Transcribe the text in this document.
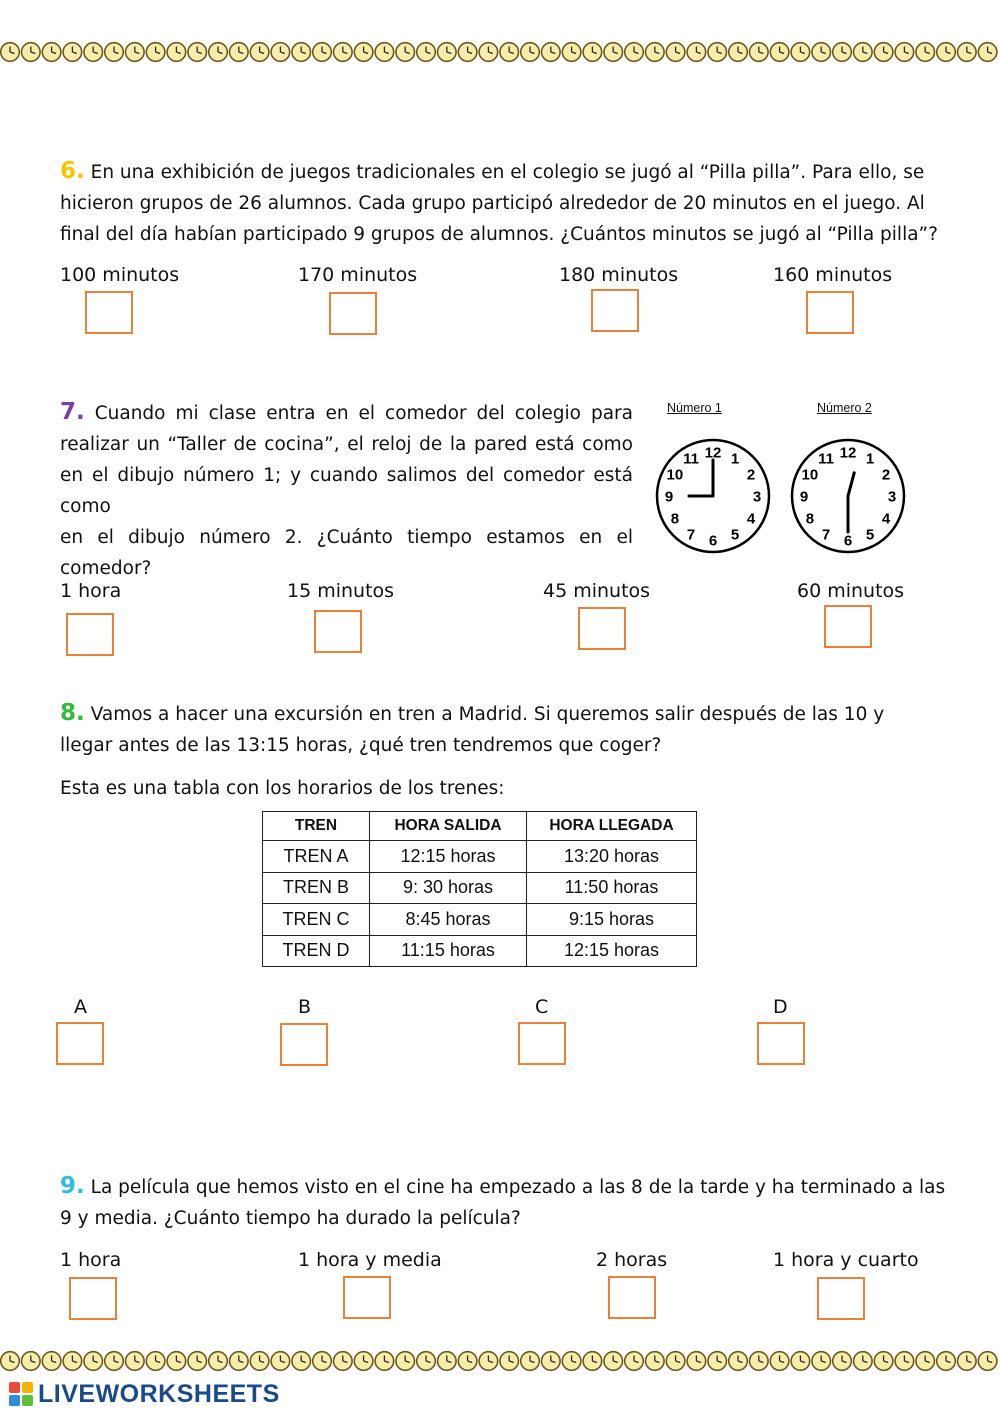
6. En una exhibición de juegos tradicionales en el colegio se jugó al “Pilla pilla”. Para ello, se
hicieron grupos de 26 alumnos. Cada grupo participó alrededor de 20 minutos en el juego. Al
final del día habían participado 9 grupos de alumnos. ¿Cuántos minutos se jugó al “Pilla pilla”?
100 minutos	170 minutos	180 minutos	160 minutos
7. Cuando mi clase entra en el comedor del colegio para
realizar un “Taller de cocina”, el reloj de la pared está como
en el dibujo número 1; y cuando salimos del comedor está como
en el dibujo número 2. ¿Cuánto tiempo estamos en el comedor?
Número 1	Número 2
12 1
2
3
4
5
6
7
8
9
10
11	12 1
2
3
4
5
6
7
8
9
10
11
1 hora	15 minutos	45 minutos	60 minutos
8. Vamos a hacer una excursión en tren a Madrid. Si queremos salir después de las 10 y
llegar antes de las 13:15 horas, ¿qué tren tendremos que coger?
Esta es una tabla con los horarios de los trenes:
TREN	HORA SALIDA	HORA LLEGADA
TREN A	12:15 horas	13:20 horas
TREN B	9: 30 horas	11:50 horas
TREN C	8:45 horas	9:15 horas
TREN D	11:15 horas	12:15 horas
A	B	C	D
9. La película que hemos visto en el cine ha empezado a las 8 de la tarde y ha terminado a las
9 y media. ¿Cuánto tiempo ha durado la película?
1 hora	1 hora y media	2 horas	1 hora y cuarto
LIVEWORKSHEETS
